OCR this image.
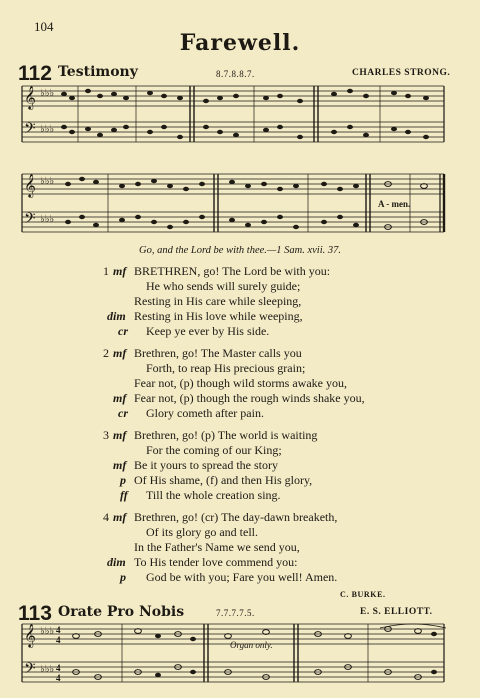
104
Farewell.
112 Testimony	8.7.8.8.7.	CHARLES STRONG.
𝄞
𝄢
♭♭♭
♭♭♭
𝄞
𝄢
♭♭♭
♭♭♭
A - men.
Go, and the Lord be with thee.—1 Sam. xvii. 37.
1 mf BRETHREN, go! The Lord be with you:
He who sends will surely guide;
Resting in His care while sleeping,
dim Resting in His love while weeping,
cr Keep ye ever by His side.
2 mf Brethren, go! The Master calls you
Forth, to reap His precious grain;
Fear not, (p) though wild storms awake you,
mf Fear not, (p) though the rough winds shake you,
cr Glory cometh after pain.
3 mf Brethren, go! (p) The world is waiting
For the coming of our King;
mf Be it yours to spread the story
p Of His shame, (f) and then His glory,
ff Till the whole creation sing.
4 mf Brethren, go! (cr) The day-dawn breaketh,
Of its glory go and tell.
In the Father's Name we send you,
dim To His tender love commend you:
p God be with you; Fare you well! Amen.
C. BURKE.
113 Orate Pro Nobis	7.7.7.7.5.	E. S. ELLIOTT.
𝄞
𝄢
♭♭♭
♭♭♭
4
4
4
4
Organ only.
